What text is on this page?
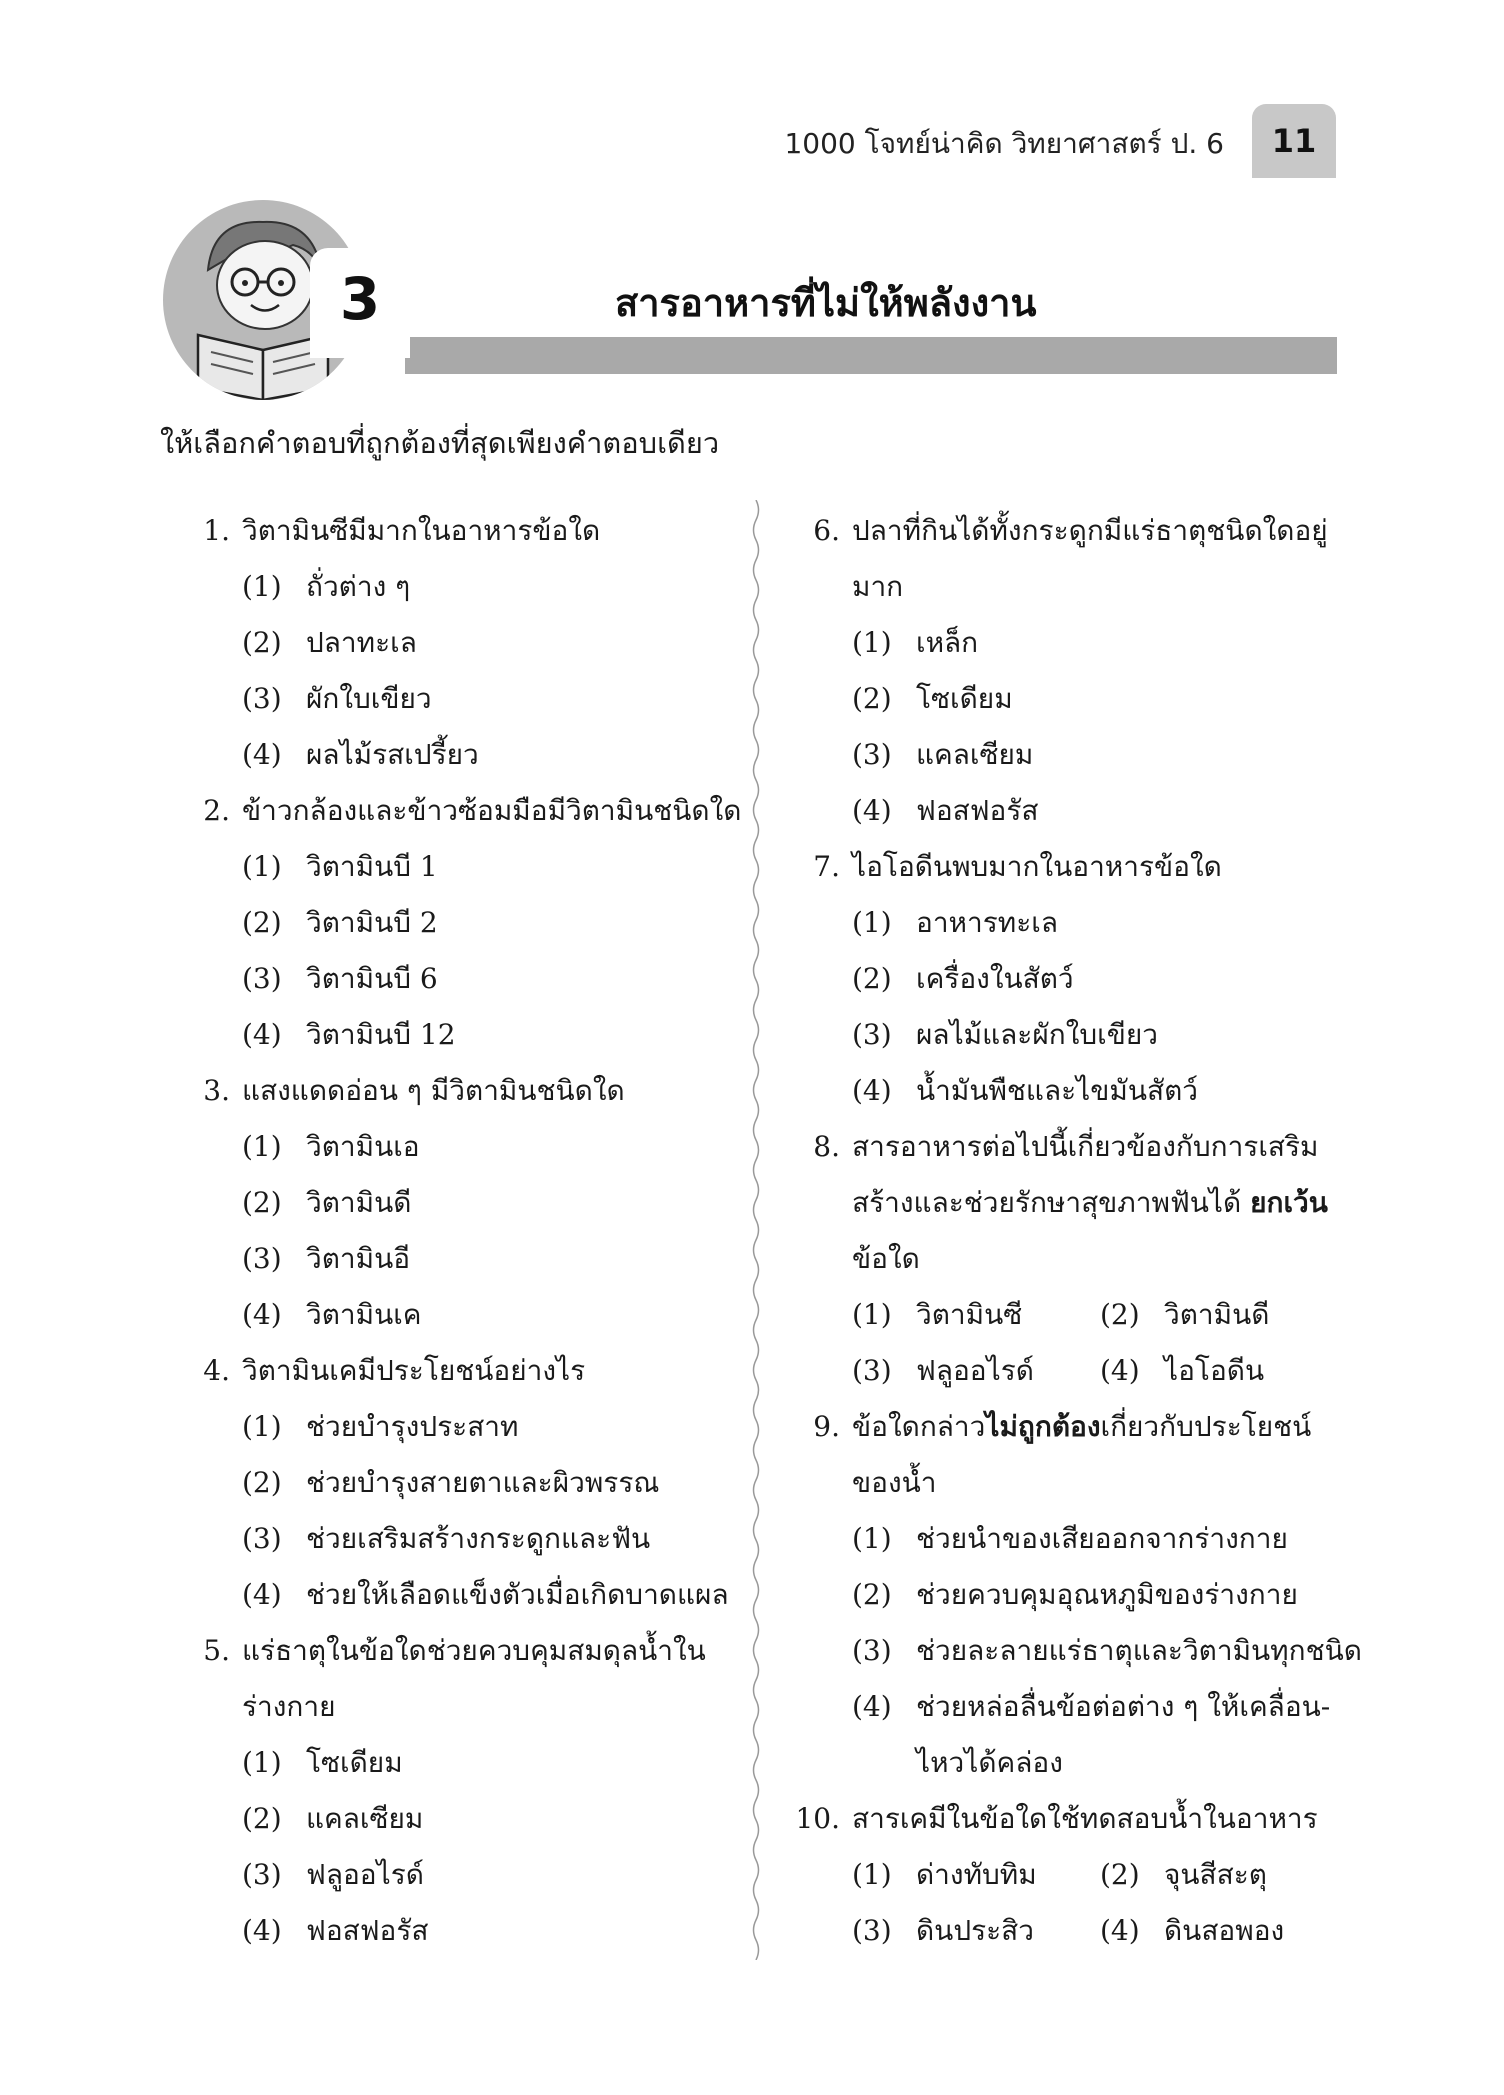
1000 โจทย์น่าคิด วิทยาศาสตร์ ป. 6	11
3	สารอาหารที่ไม่ให้พลังงาน
ให้เลือกคำตอบที่ถูกต้องที่สุดเพียงคำตอบเดียว
1. วิตามินซีมีมากในอาหารข้อใด
(1) ถั่วต่าง ๆ
(2) ปลาทะเล
(3) ผักใบเขียว
(4) ผลไม้รสเปรี้ยว
2. ข้าวกล้องและข้าวซ้อมมือมีวิตามินชนิดใด
(1) วิตามินบี 1
(2) วิตามินบี 2
(3) วิตามินบี 6
(4) วิตามินบี 12
3. แสงแดดอ่อน ๆ มีวิตามินชนิดใด
(1) วิตามินเอ
(2) วิตามินดี
(3) วิตามินอี
(4) วิตามินเค
4. วิตามินเคมีประโยชน์อย่างไร
(1) ช่วยบำรุงประสาท
(2) ช่วยบำรุงสายตาและผิวพรรณ
(3) ช่วยเสริมสร้างกระดูกและฟัน
(4) ช่วยให้เลือดแข็งตัวเมื่อเกิดบาดแผล
5. แร่ธาตุในข้อใดช่วยควบคุมสมดุลน้ำใน
ร่างกาย
(1) โซเดียม
(2) แคลเซียม
(3) ฟลูออไรด์
(4) ฟอสฟอรัส
6. ปลาที่กินได้ทั้งกระดูกมีแร่ธาตุชนิดใดอยู่
มาก
(1) เหล็ก
(2) โซเดียม
(3) แคลเซียม
(4) ฟอสฟอรัส
7. ไอโอดีนพบมากในอาหารข้อใด
(1) อาหารทะเล
(2) เครื่องในสัตว์
(3) ผลไม้และผักใบเขียว
(4) น้ำมันพืชและไขมันสัตว์
8. สารอาหารต่อไปนี้เกี่ยวข้องกับการเสริม
สร้างและช่วยรักษาสุขภาพฟันได้ ยกเว้น
ข้อใด
(1) วิตามินซี	(2) วิตามินดี
(3) ฟลูออไรด์ (4) ไอโอดีน
9. ข้อใดกล่าวไม่ถูกต้องเกี่ยวกับประโยชน์
ของน้ำ
(1) ช่วยนำของเสียออกจากร่างกาย
(2) ช่วยควบคุมอุณหภูมิของร่างกาย
(3) ช่วยละลายแร่ธาตุและวิตามินทุกชนิด
(4) ช่วยหล่อลื่นข้อต่อต่าง ๆ ให้เคลื่อน-
ไหวได้คล่อง
10. สารเคมีในข้อใดใช้ทดสอบน้ำในอาหาร
(1) ด่างทับทิม (2) จุนสีสะตุ
(3) ดินประสิว (4) ดินสอพอง
